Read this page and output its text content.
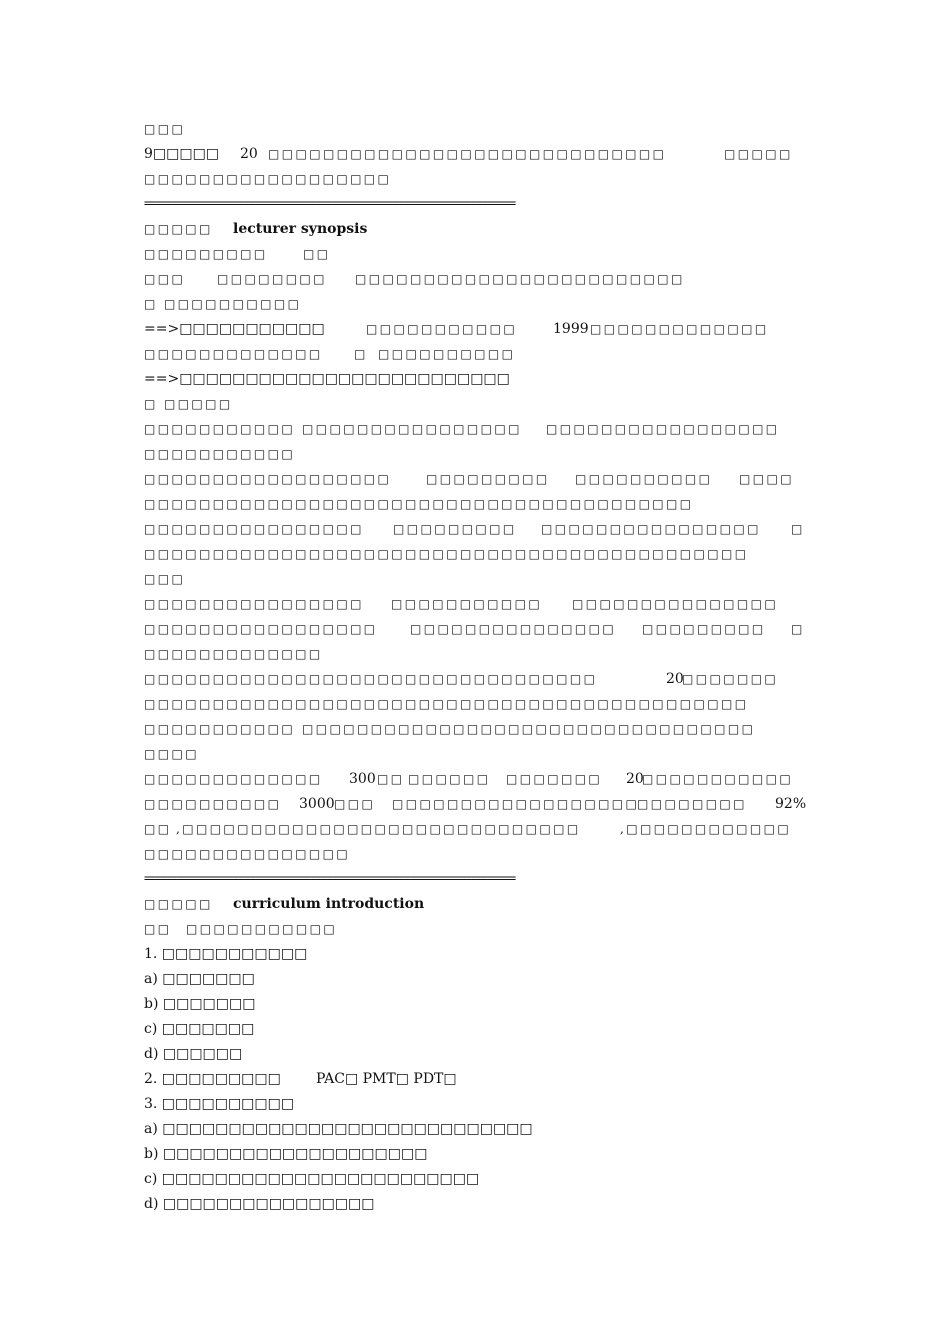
□□□
9□□□□□ 20 □□□□□□□□□□□□□□□□□□□□□□□□□□□□□	□□□□□
□□□□□□□□□□□□□□□□□□
===================================================================
□□□□□ lecturer synopsis
□□□□□□□□□	□□
□□□	□□□□□□□□ □□□□□□□□□□□□□□□□□□□□□□□□
□ □□□□□□□□□□
==>□□□□□□□□□□□	□□□□□□□□□□□	1999 □□□□□□□□□□□□□
□□□□□□□□□□□□□	□ □□□□□□□□□□
==>□□□□□□□□□□□□□□□□□□□□□□□□□
□ □□□□□
□□□□□□□□□□□ □□□□□□□□□□□□□□□□ □□□□□□□□□□□□□□□□□
□□□□□□□□□□□
□□□□□□□□□□□□□□□□□□	□□□□□□□□□ □□□□□□□□□□ □□□□
□□□□□□□□□□□□□□□□□□□□□□□□□□□□□□□□□□□□□□□□
□□□□□□□□□□□□□□□□ □□□□□□□□□ □□□□□□□□□□□□□□□□	□
□□□□□□□□□□□□□□□□□□□□□□□□□□□□□□□□□□□□□□□□□□□□
□□□
□□□□□□□□□□□□□□□□ □□□□□□□□□□□ □□□□□□□□□□□□□□□
□□□□□□□□□□□□□□□□□	□□□□□□□□□□□□□□□ □□□□□□□□□ □
□□□□□□□□□□□□□
□□□□□□□□□□□□□□□□□□□□□□□□□□□□□□□□□	20
□□□□□□□
□□□□□□□□□□□□□□□□□□□□□□□□□□□□□□□□□□□□□□□□□□□□
□□□□□□□□□□□ □□□□□□□□□□□□□□□□□□□□□□□□□□□□□□□□□
□□□□
□□□□□□□□□□□□□ 300 □□ □□□□□□ □□□□□□□ 20
□□□□□□□□□□□
□□□□□□□□□□ 3000 □□□ □□□□□□□□□□□□□□□□□□
□□□□□□□□ 92%
□□ ,□□□□□□□□□□□□□□□□□□□□□□□□□□□□□	,□□□□□□□□□□□□
□□□□□□□□□□□□□□□
===================================================================
□□□□□ curriculum introduction
□□ □□□□□□□□□□□
1. □□□□□□□□□□□
a) □□□□□□□
b) □□□□□□□
c) □□□□□□□
d) □□□□□□
2. □□□□□□□□□	PAC□ PMT□ PDT□
3. □□□□□□□□□□
a) □□□□□□□□□□□□□□□□□□□□□□□□□□□□
b) □□□□□□□□□□□□□□□□□□□□
c) □□□□□□□□□□□□□□□□□□□□□□□□
d) □□□□□□□□□□□□□□□□
